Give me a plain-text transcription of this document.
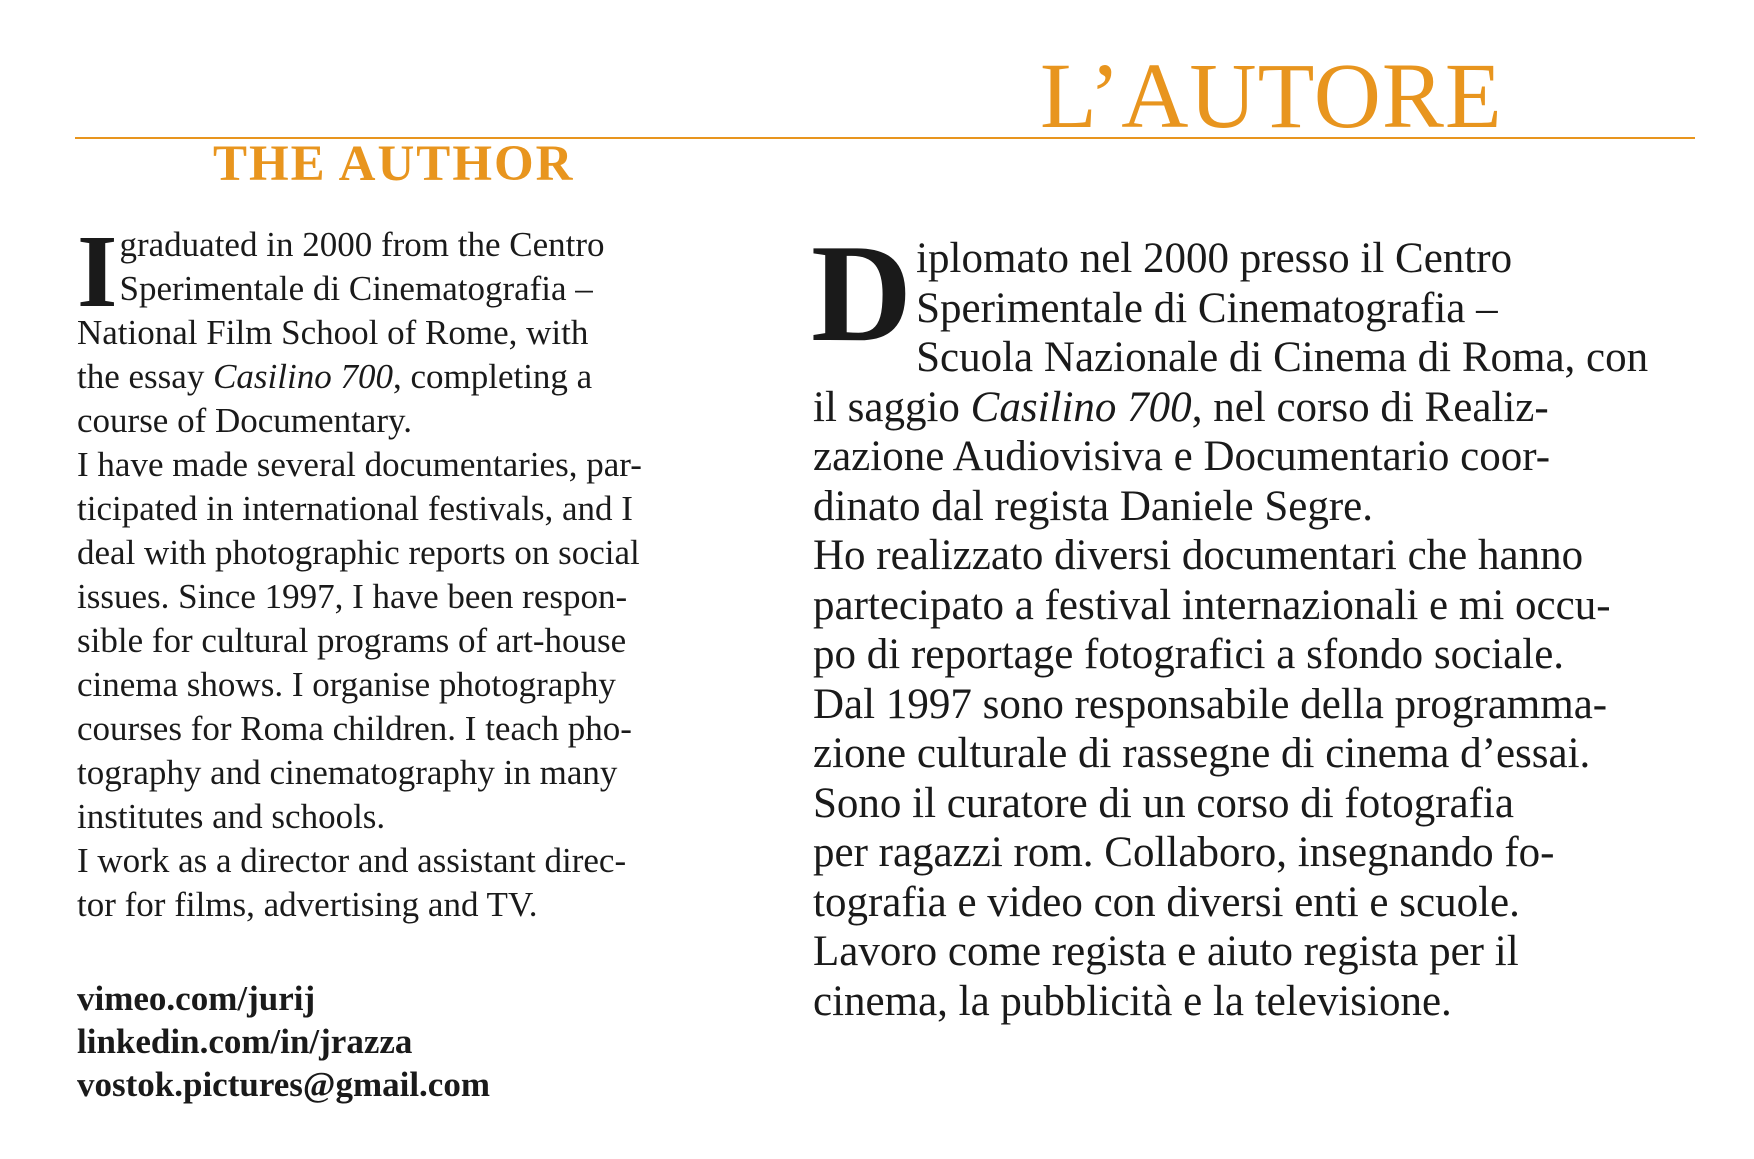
L’AUTORE
THE AUTHOR

I graduated in 2000 from the Centro
Sperimentale di Cinematografia –
National Film School of Rome, with
the essay Casilino 700, completing a
course of Documentary.

I have made several documentaries, par-
ticipated in international festivals, and I
deal with photographic reports on social
issues. Since 1997, I have been respon-
sible for cultural programs of art-house
cinema shows. I organise photography
courses for Roma children. I teach pho-
tography and cinematography in many
institutes and schools.

I work as a director and assistant direc-
tor for films, advertising and TV.

vimeo.com/jurij
linkedin.com/in/jrazza
vostok.pictures@gmail.com

D iplomato nel 2000 presso il Centro
Sperimentale di Cinematografia –
Scuola Nazionale di Cinema di Roma, con
il saggio Casilino 700, nel corso di Realiz-
zazione Audiovisiva e Documentario coor-
dinato dal regista Daniele Segre.

Ho realizzato diversi documentari che hanno
partecipato a festival internazionali e mi occu-
po di reportage fotografici a sfondo sociale.
Dal 1997 sono responsabile della programma-
zione culturale di rassegne di cinema d’essai.
Sono il curatore di un corso di fotografia
per ragazzi rom. Collaboro, insegnando fo-
tografia e video con diversi enti e scuole.
Lavoro come regista e aiuto regista per il
cinema, la pubblicità e la televisione.
